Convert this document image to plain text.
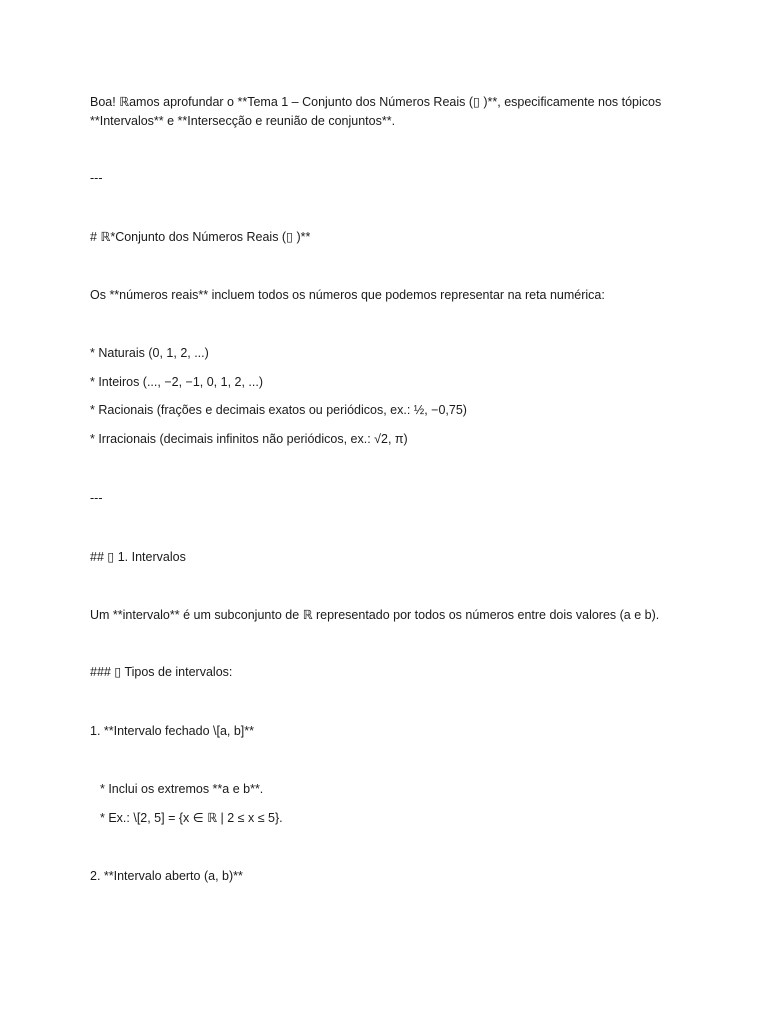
Boa! ℝamos aprofundar o **Tema 1 – Conjunto dos Números Reais (▯ )**, especificamente nos tópicos
**Intervalos** e **Intersecção e reunião de conjuntos**.
---
# ℝ*Conjunto dos Números Reais (▯ )**
Os **números reais** incluem todos os números que podemos representar na reta numérica:
* Naturais (0, 1, 2, ...)
* Inteiros (..., −2, −1, 0, 1, 2, ...)
* Racionais (frações e decimais exatos ou periódicos, ex.: ½, −0,75)
* Irracionais (decimais infinitos não periódicos, ex.: √2, π)
---
## ▯ 1. Intervalos
Um **intervalo** é um subconjunto de ℝ representado por todos os números entre dois valores (a e b).
### ▯ Tipos de intervalos:
1. **Intervalo fechado \[a, b]**
* Inclui os extremos **a e b**.
* Ex.: \[2, 5] = {x ∈ ℝ | 2 ≤ x ≤ 5}.
2. **Intervalo aberto (a, b)**
